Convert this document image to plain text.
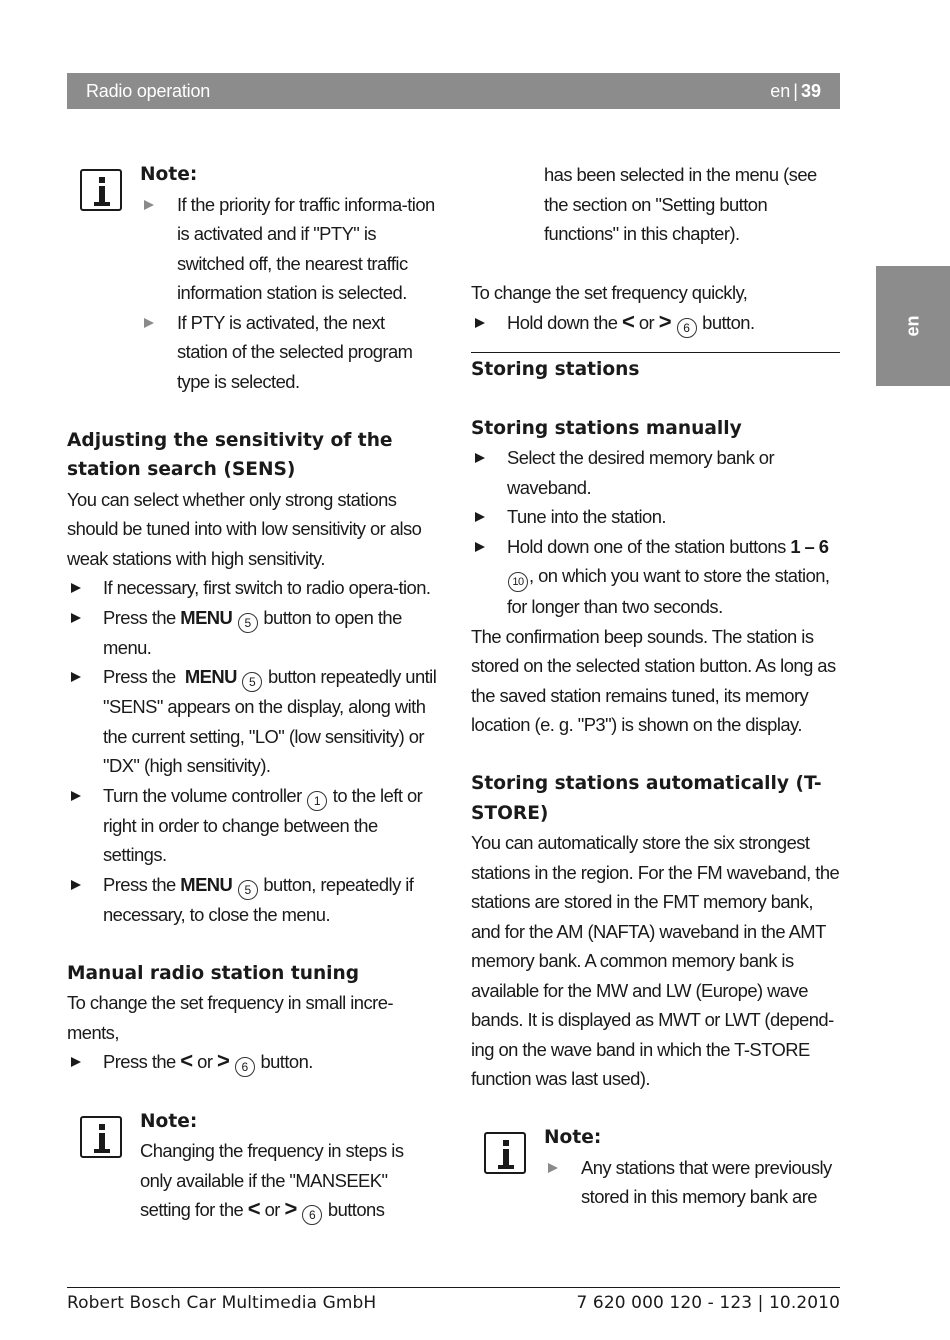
Radio operation	en | 39
en

Note:

If the priority for traffic informa-tion is activated and if "PTY" is switched off, the nearest traffic information station is selected.
If PTY is activated, the next station of the selected program type is selected.

Adjusting the sensitivity of the station search (SENS)

You can select whether only strong stations should be tuned into with low sensitivity or also weak stations with high sensitivity.

If necessary, first switch to radio opera-tion.
Press the MENU 5 button to open the menu.
Press the MENU 5 button repeatedly until "SENS" appears on the display, along with the current setting, "LO" (low sensitivity) or "DX" (high sensitivity).
Turn the volume controller 1 to the left or right in order to change between the settings.
Press the MENU 5 button, repeatedly if necessary, to close the menu.

Manual radio station tuning

To change the set frequency in small incre-ments,

Press the < or > 6 button.

Note:

Changing the frequency in steps is only available if the "MANSEEK" setting for the < or > 6 buttons

has been selected in the menu (see the section on "Setting button functions" in this chapter).

To change the set frequency quickly,

Hold down the < or > 6 button.

Storing stations

Storing stations manually

Select the desired memory bank or waveband.
Tune into the station.
Hold down one of the station buttons 1 – 6 10 , on which you want to store the station, for longer than two seconds.

The confirmation beep sounds. The station is stored on the selected station button. As long as the saved station remains tuned, its memory location (e. g. "P3") is shown on the display.

Storing stations automatically (T-STORE)

You can automatically store the six strongest stations in the region. For the FM waveband, the stations are stored in the FMT memory bank, and for the AM (NAFTA) waveband in the AMT memory bank. A common memory bank is available for the MW and LW (Europe) wave bands. It is displayed as MWT or LWT (depend-ing on the wave band in which the T-STORE function was last used).

Note:

Any stations that were previously stored in this memory bank are
Robert Bosch Car Multimedia GmbH	7 620 000 120 - 123 | 10.2010
